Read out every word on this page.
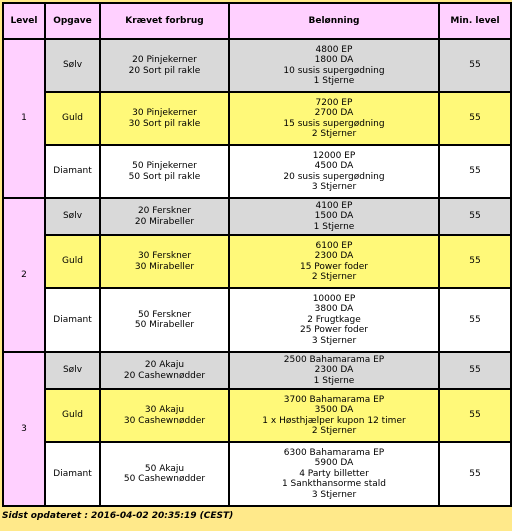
Level	Opgave	Krævet forbrug	Belønning	Min. level
1	Sølv	20 Pinjekerner
20 Sort pil rakle	4800 EP
1800 DA
10 susis supergødning
1 Stjerne	55
	Guld	30 Pinjekerner
30 Sort pil rakle	7200 EP
2700 DA
15 susis supergødning
2 Stjerner	55
	Diamant	50 Pinjekerner
50 Sort pil rakle	12000 EP
4500 DA
20 susis supergødning
3 Stjerner	55
2	Sølv	20 Ferskner
20 Mirabeller	4100 EP
1500 DA
1 Stjerne	55
	Guld	30 Ferskner
30 Mirabeller	6100 EP
2300 DA
15 Power foder
2 Stjerner	55
	Diamant	50 Ferskner
50 Mirabeller	10000 EP
3800 DA
2 Frugtkage
25 Power foder
3 Stjerner	55
3	Sølv	20 Akaju
20 Cashewnødder	2500 Bahamarama EP
2300 DA
1 Stjerne	55
	Guld	30 Akaju
30 Cashewnødder	3700 Bahamarama EP
3500 DA
1 x Høsthjælper kupon 12 timer
2 Stjerner	55
	Diamant	50 Akaju
50 Cashewnødder	6300 Bahamarama EP
5900 DA
4 Party billetter
1 Sankthansorme stald
3 Stjerner	55
Sidst opdateret : 2016-04-02 20:35:19 (CEST)
